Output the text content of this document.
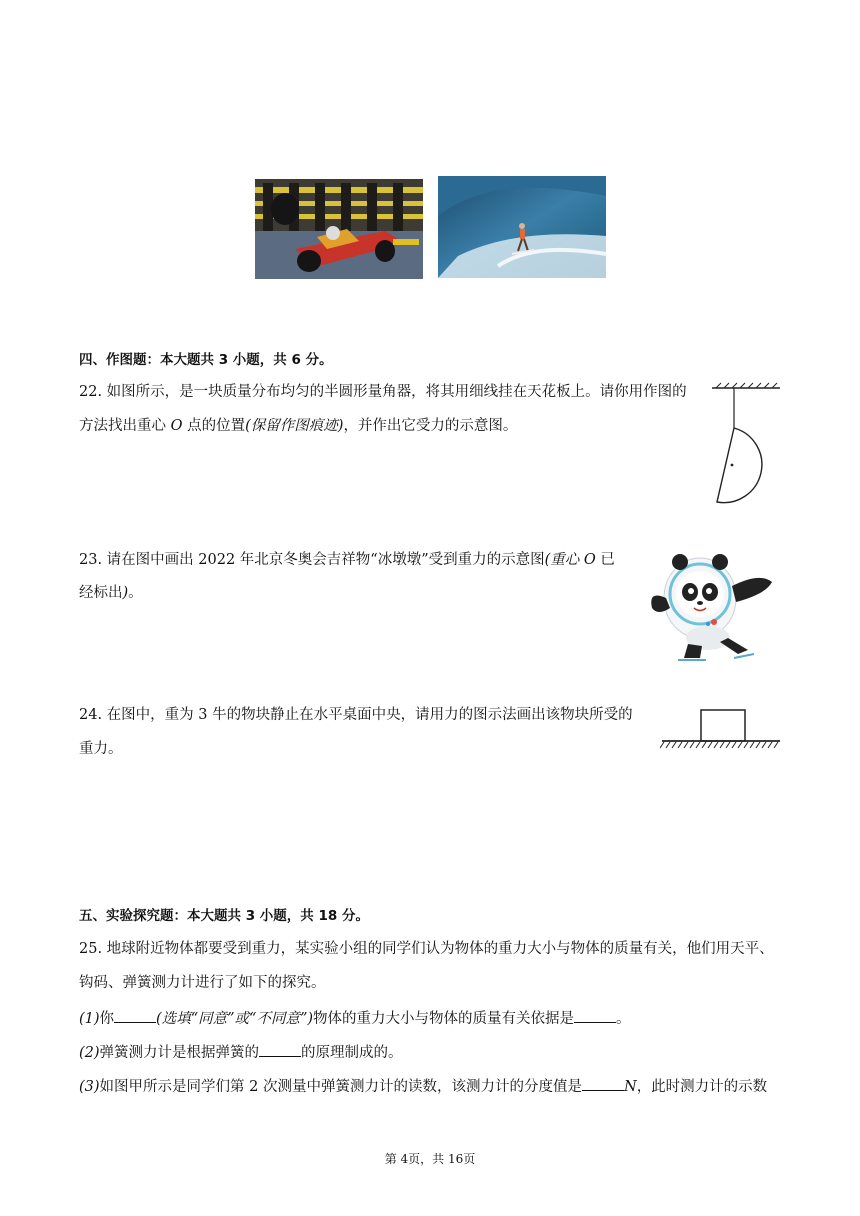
四、作图题：本大题共 3 小题，共 6 分。
22. 如图所示，是一块质量分布均匀的半圆形量角器，将其用细线挂在天花板上。请你用作图的
方法找出重心 O 点的位置(保留作图痕迹)，并作出它受力的示意图。
23. 请在图中画出 2022 年北京冬奥会吉祥物“冰墩墩”受到重力的示意图(重心 O 已
经标出)。
24. 在图中，重为 3 牛的物块静止在水平桌面中央，请用力的图示法画出该物块所受的
重力。
五、实验探究题：本大题共 3 小题，共 18 分。
25. 地球附近物体都要受到重力，某实验小组的同学们认为物体的重力大小与物体的质量有关，他们用天平、
钩码、弹簧测力计进行了如下的探究。
(1)你	(选填“同意”或“不同意”)物体的重力大小与物体的质量有关依据是	。
(2)弹簧测力计是根据弹簧的	的原理制成的。
(3)如图甲所示是同学们第 2 次测量中弹簧测力计的读数，该测力计的分度值是	N，此时测力计的示数
第 4页，共 16页
